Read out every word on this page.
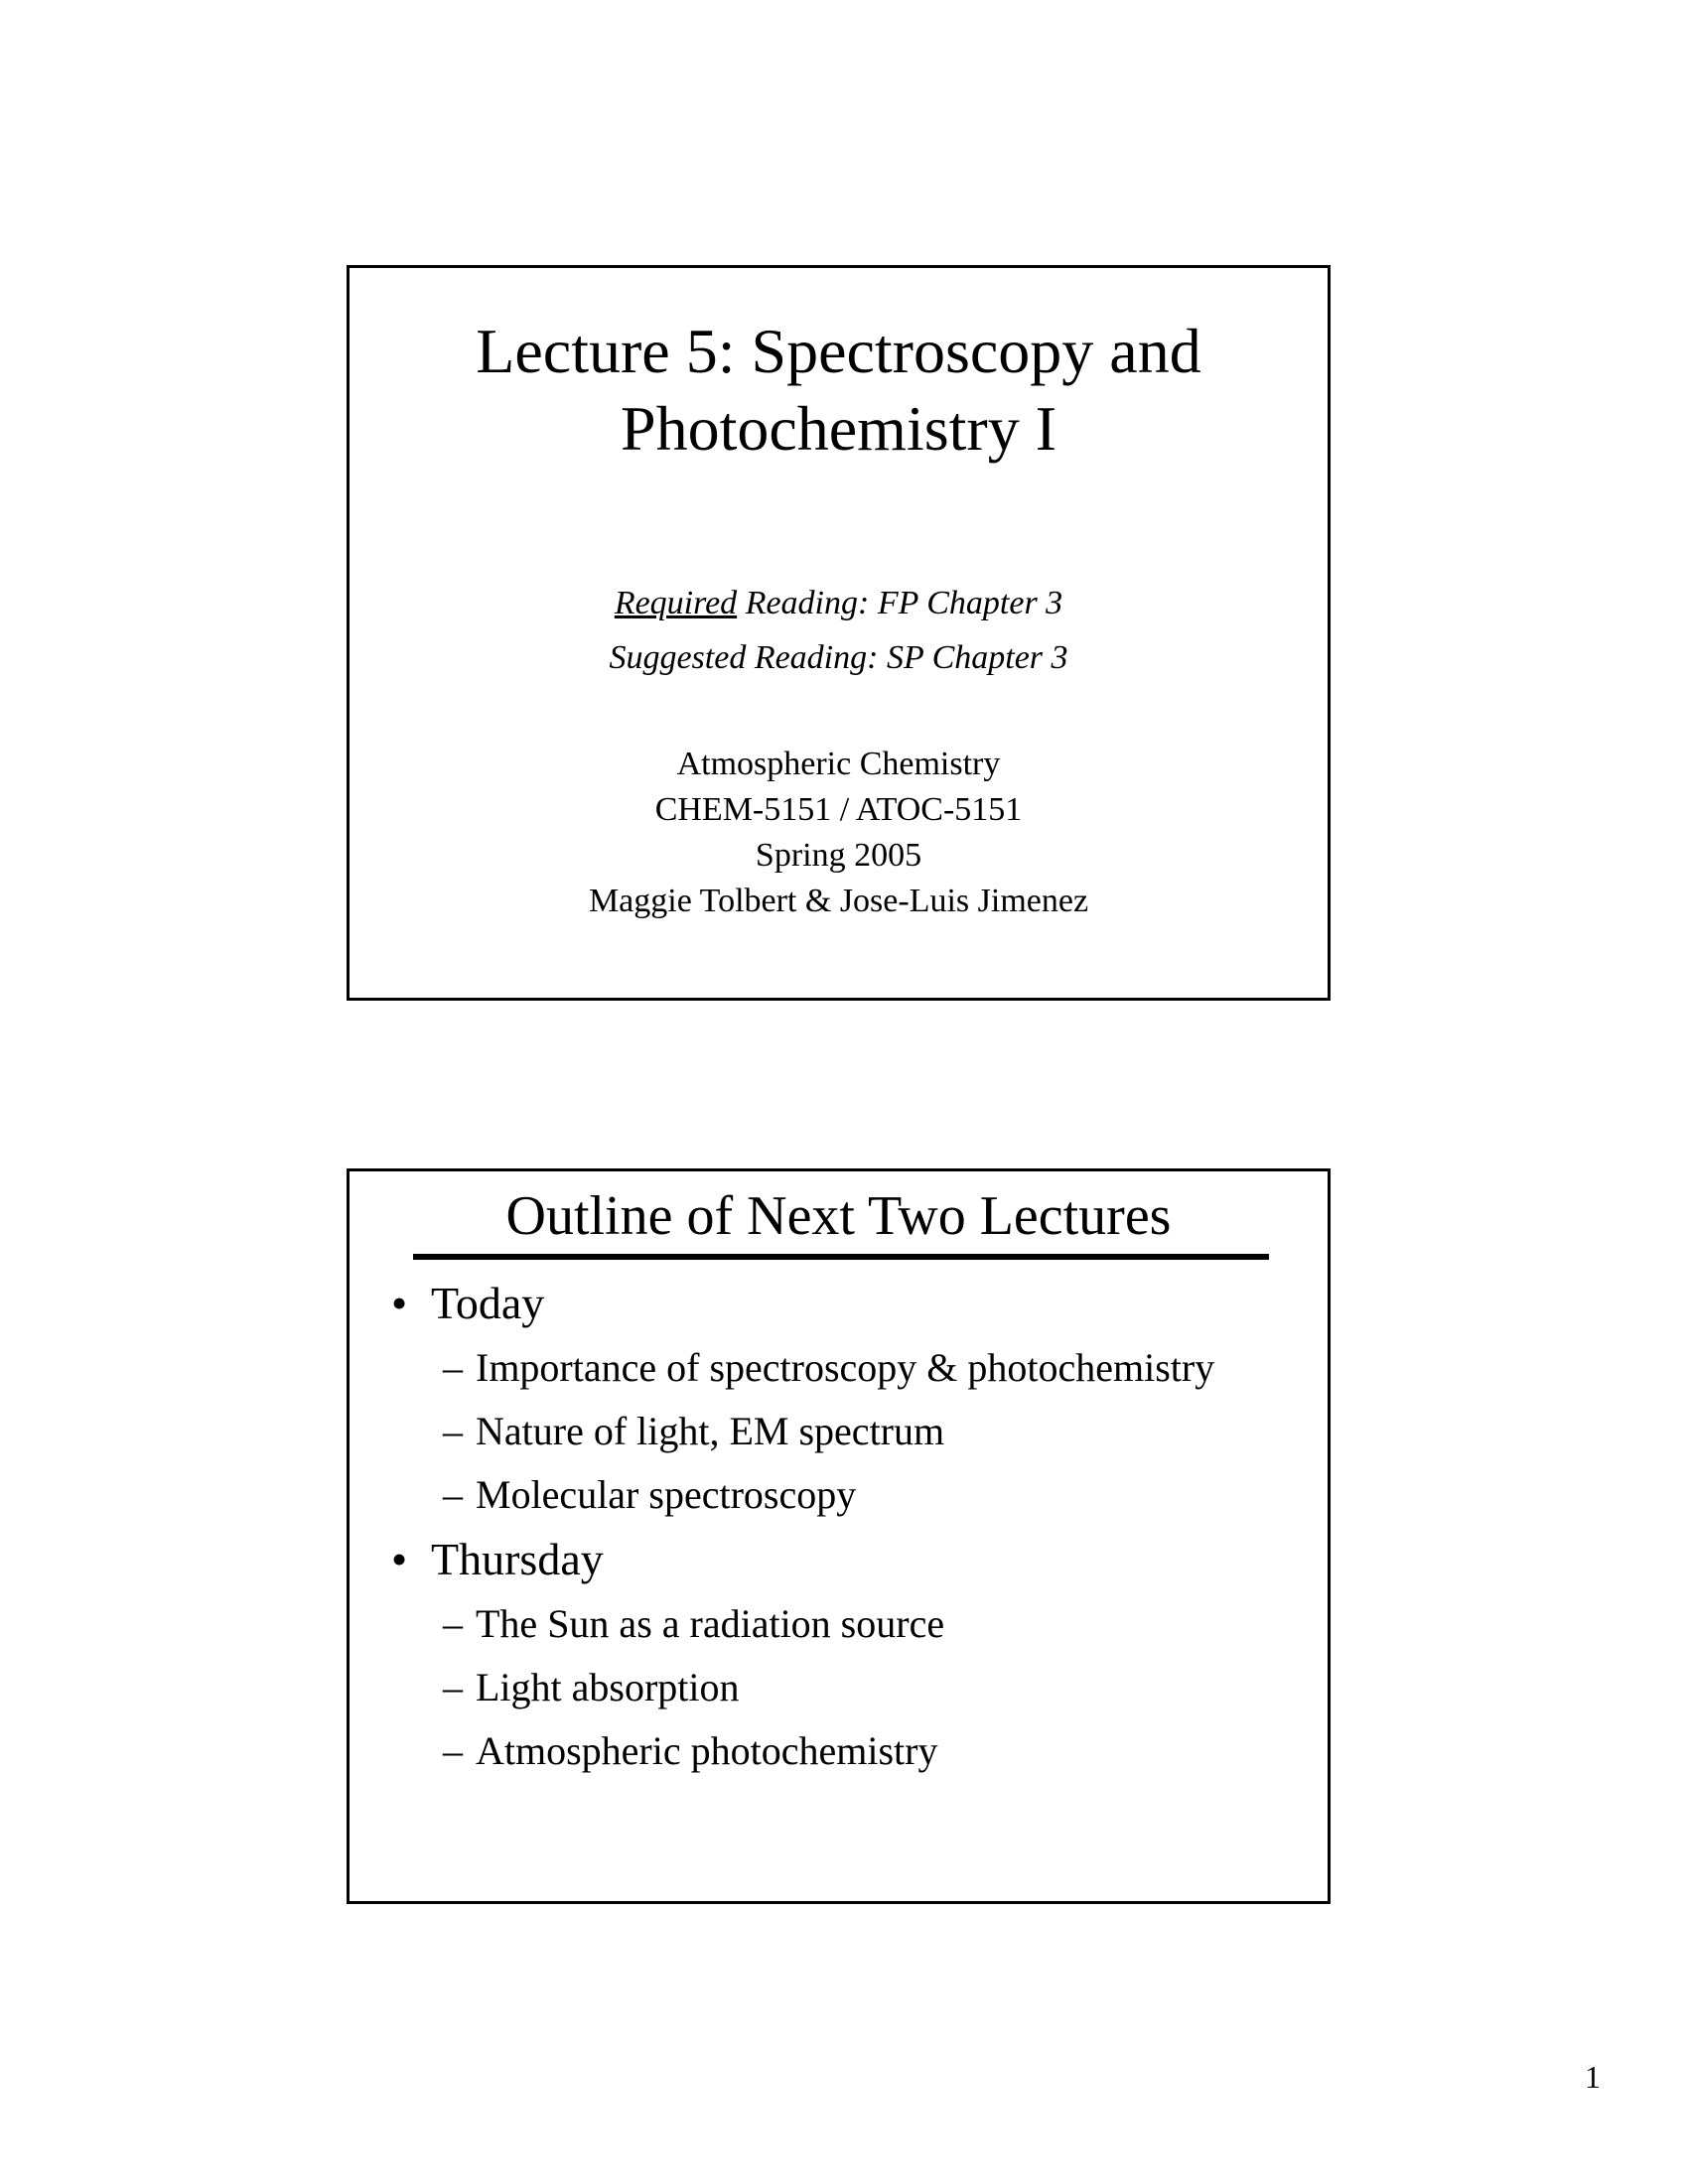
Lecture 5: Spectroscopy and
Photochemistry I
Required Reading: FP Chapter 3
Suggested Reading: SP Chapter 3
Atmospheric Chemistry
CHEM-5151 / ATOC-5151
Spring 2005
Maggie Tolbert & Jose-Luis Jimenez
Outline of Next Two Lectures
• Today
– Importance of spectroscopy & photochemistry
– Nature of light, EM spectrum
– Molecular spectroscopy
• Thursday
– The Sun as a radiation source
– Light absorption
– Atmospheric photochemistry
1
